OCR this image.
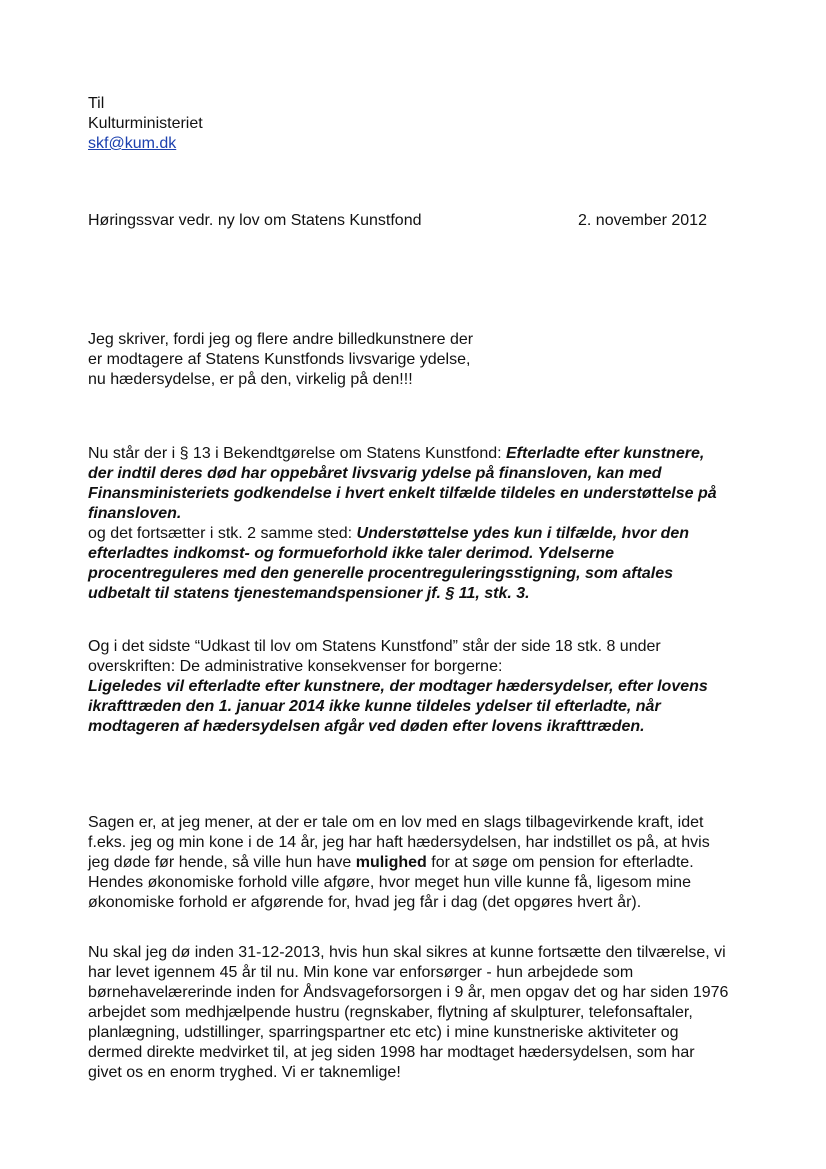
Til
Kulturministeriet
skf@kum.dk
Høringssvar vedr. ny lov om Statens Kunstfond	2. november 2012
Jeg skriver, fordi jeg og flere andre billedkunstnere der
er modtagere af Statens Kunstfonds livsvarige ydelse,
nu hædersydelse, er på den, virkelig på den!!!
Nu står der i § 13 i Bekendtgørelse om Statens Kunstfond: Efterladte efter kunstnere,
der indtil deres død har oppebåret livsvarig ydelse på finansloven, kan med
Finansministeriets godkendelse i hvert enkelt tilfælde tildeles en understøttelse på
finansloven.
og det fortsætter i stk. 2 samme sted: Understøttelse ydes kun i tilfælde, hvor den
efterladtes indkomst- og formueforhold ikke taler derimod. Ydelserne
procentreguleres med den generelle procentreguleringsstigning, som aftales
udbetalt til statens tjenestemandspensioner jf. § 11, stk. 3.
Og i det sidste “Udkast til lov om Statens Kunstfond” står der side 18 stk. 8 under
overskriften: De administrative konsekvenser for borgerne:
Ligeledes vil efterladte efter kunstnere, der modtager hædersydelser, efter lovens
ikrafttræden den 1. januar 2014 ikke kunne tildeles ydelser til efterladte, når
modtageren af hædersydelsen afgår ved døden efter lovens ikrafttræden.
Sagen er, at jeg mener, at der er tale om en lov med en slags tilbagevirkende kraft, idet
f.eks. jeg og min kone i de 14 år, jeg har haft hædersydelsen, har indstillet os på, at hvis
jeg døde før hende, så ville hun have mulighed for at søge om pension for efterladte.
Hendes økonomiske forhold ville afgøre, hvor meget hun ville kunne få, ligesom mine
økonomiske forhold er afgørende for, hvad jeg får i dag (det opgøres hvert år).
Nu skal jeg dø inden 31-12-2013, hvis hun skal sikres at kunne fortsætte den tilværelse, vi
har levet igennem 45 år til nu. Min kone var enforsørger - hun arbejdede som
børnehavelærerinde inden for Åndsvageforsorgen i 9 år, men opgav det og har siden 1976
arbejdet som medhjælpende hustru (regnskaber, flytning af skulpturer, telefonsaftaler,
planlægning, udstillinger, sparringspartner etc etc) i mine kunstneriske aktiviteter og
dermed direkte medvirket til, at jeg siden 1998 har modtaget hædersydelsen, som har
givet os en enorm tryghed. Vi er taknemlige!
